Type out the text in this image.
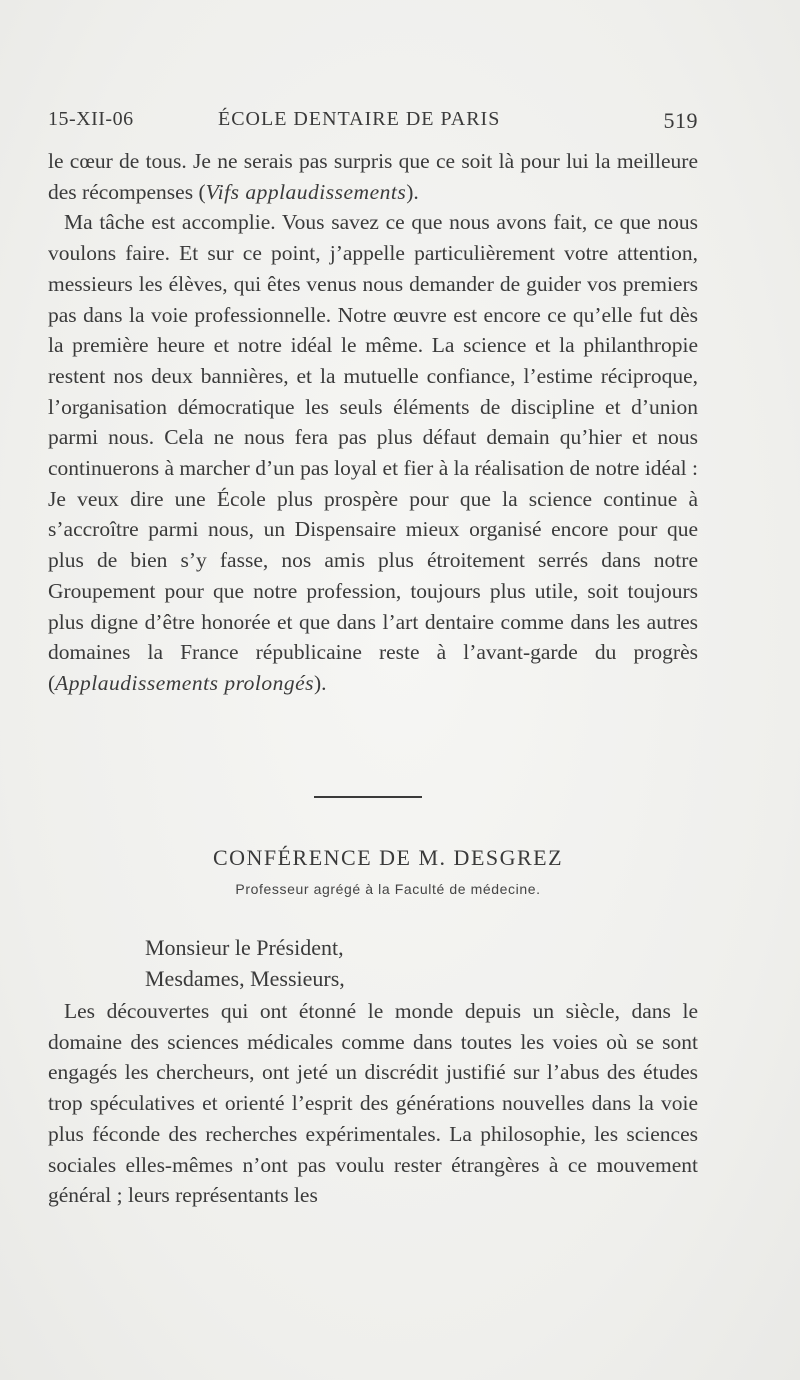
15-XII-06	ÉCOLE DENTAIRE DE PARIS	519

le cœur de tous. Je ne serais pas surpris que ce soit là pour lui la meilleure des récompenses (Vifs applaudissements).

Ma tâche est accomplie. Vous savez ce que nous avons fait, ce que nous voulons faire. Et sur ce point, j’appelle particulièrement votre attention, messieurs les élèves, qui êtes venus nous demander de guider vos premiers pas dans la voie professionnelle. Notre œuvre est encore ce qu’elle fut dès la première heure et notre idéal le même. La science et la philanthropie restent nos deux bannières, et la mutuelle confiance, l’estime réciproque, l’organisation démocratique les seuls éléments de discipline et d’union parmi nous. Cela ne nous fera pas plus défaut demain qu’hier et nous continuerons à marcher d’un pas loyal et fier à la réalisation de notre idéal : Je veux dire une École plus prospère pour que la science continue à s’accroître parmi nous, un Dispensaire mieux organisé encore pour que plus de bien s’y fasse, nos amis plus étroitement serrés dans notre Groupement pour que notre profession, toujours plus utile, soit toujours plus digne d’être honorée et que dans l’art dentaire comme dans les autres domaines la France républicaine reste à l’avant-garde du progrès (Applaudissements prolongés).

CONFÉRENCE DE M. DESGREZ
Professeur agrégé à la Faculté de médecine.
Monsieur le Président,
Mesdames, Messieurs,

Les découvertes qui ont étonné le monde depuis un siècle, dans le domaine des sciences médicales comme dans toutes les voies où se sont engagés les chercheurs, ont jeté un discrédit justifié sur l’abus des études trop spéculatives et orienté l’esprit des générations nouvelles dans la voie plus féconde des recherches expérimentales. La philosophie, les sciences sociales elles-mêmes n’ont pas voulu rester étrangères à ce mouvement général ; leurs représentants les
